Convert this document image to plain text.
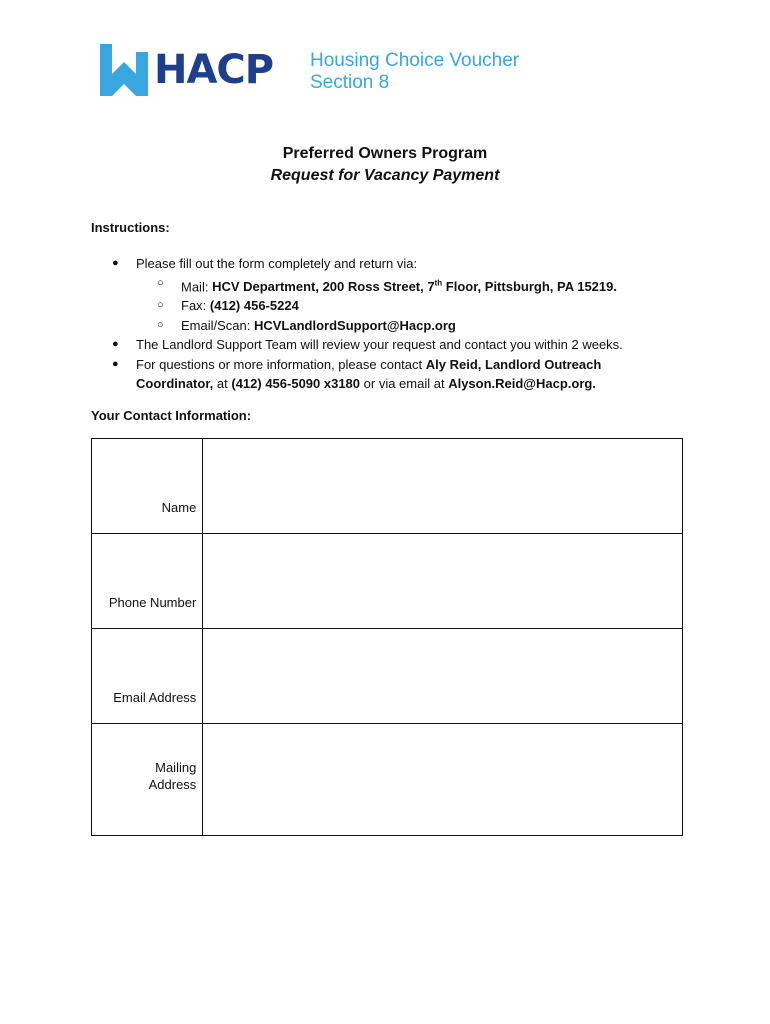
HACP Housing Choice Voucher
Section 8
Preferred Owners Program
Request for Vacancy Payment
Instructions:
● Please fill out the form completely and return via:
○ Mail: HCV Department, 200 Ross Street, 7th Floor, Pittsburgh, PA 15219.
○ Fax: (412) 456-5224
○ Email/Scan: HCVLandlordSupport@Hacp.org
● The Landlord Support Team will review your request and contact you within 2 weeks.
● For questions or more information, please contact Aly Reid, Landlord Outreach Coordinator, at (412) 456-5090 x3180 or via email at Alyson.Reid@Hacp.org.
Your Contact Information:
Name	
Phone Number	
Email Address	

Mailing
Address	
